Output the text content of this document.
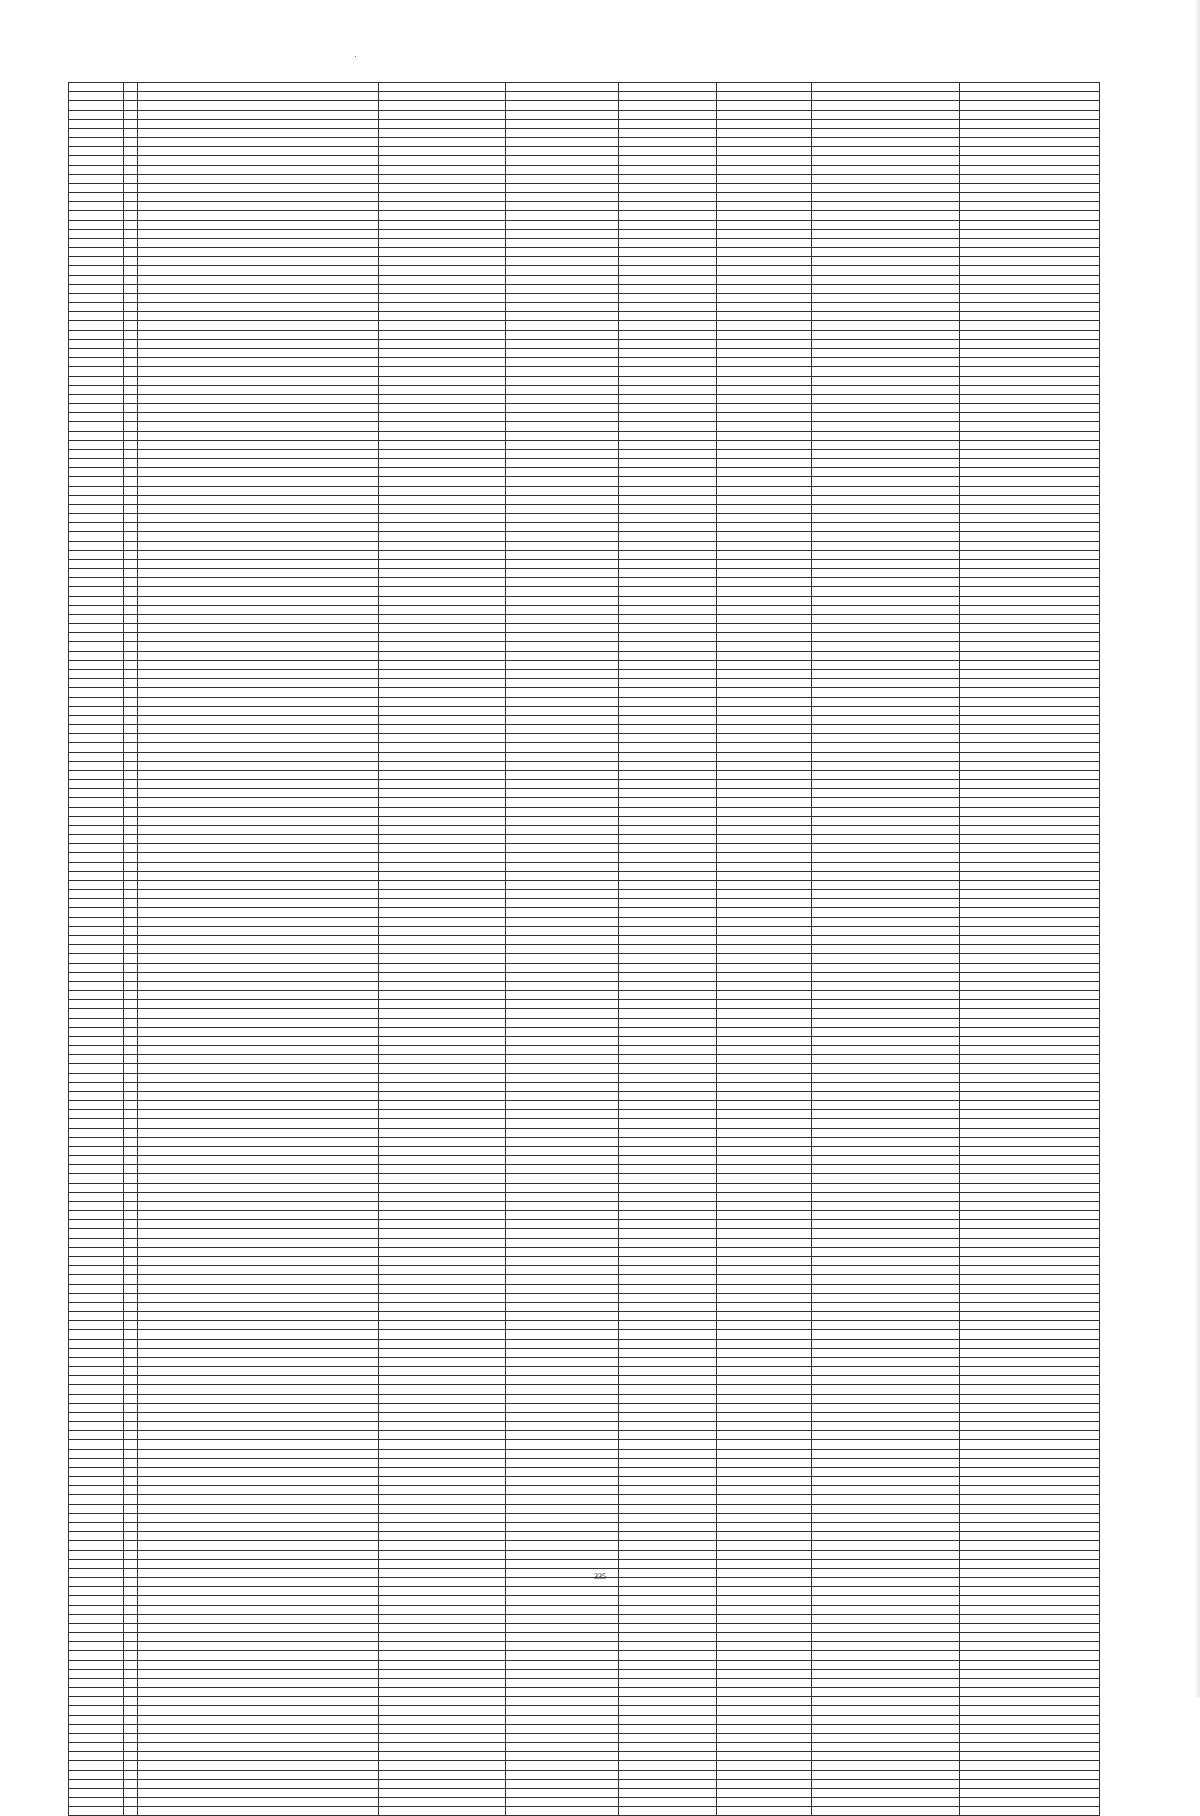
335
